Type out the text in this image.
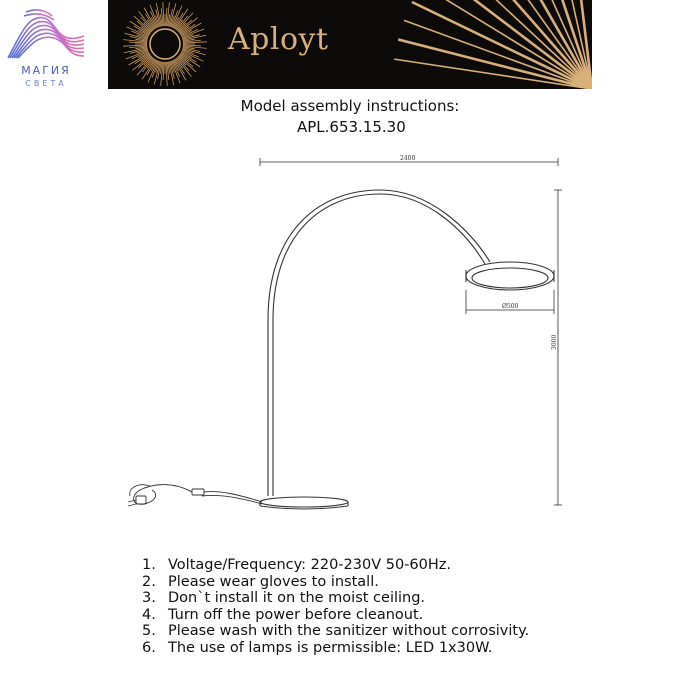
МАГИЯ
СВЕТА
Aployt
Model assembly instructions:
APL.653.15.30
2400
3000
Ø500
1. Voltage/Frequency: 220-230V 50-60Hz.
2. Please wear gloves to install.
3. Don`t install it on the moist ceiling.
4. Turn off the power before cleanout.
5. Please wash with the sanitizer without corrosivity.
6. The use of lamps is permissible: LED 1x30W.
